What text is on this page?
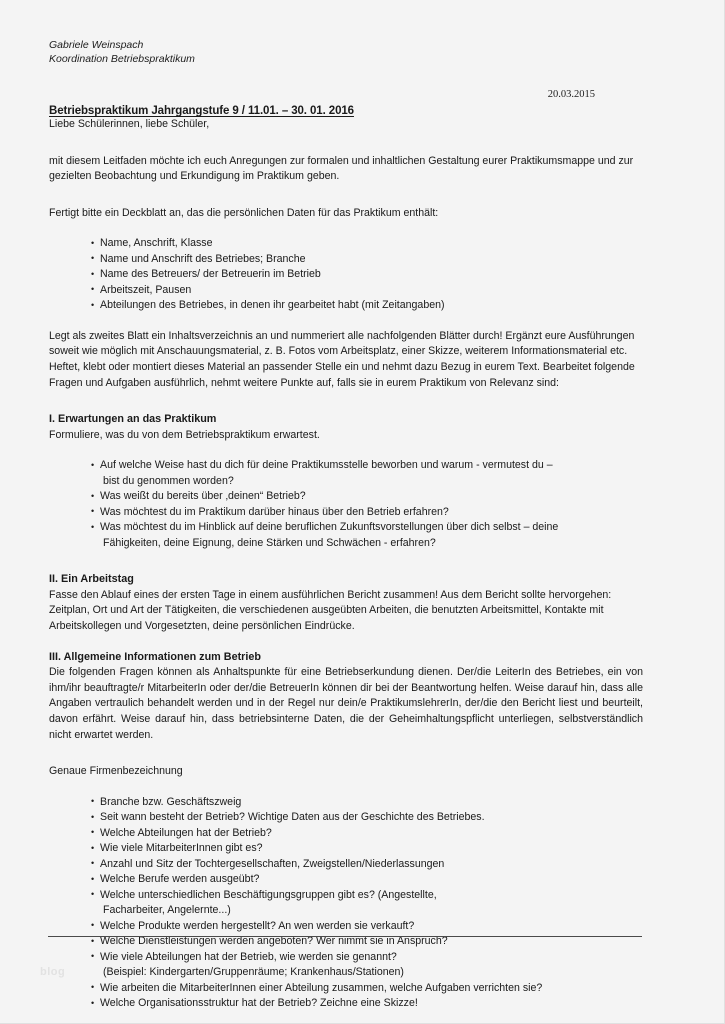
Gabriele Weinspach
Koordination Betriebspraktikum
20.03.2015
Betriebspraktikum Jahrgangstufe 9 / 11.01. – 30. 01. 2016

Liebe Schülerinnen, liebe Schüler,

mit diesem Leitfaden möchte ich euch Anregungen zur formalen und inhaltlichen Gestaltung eurer Praktikumsmappe und zur gezielten Beobachtung und Erkundigung im Praktikum geben.

Fertigt bitte ein Deckblatt an, das die persönlichen Daten für das Praktikum enthält:

• Name, Anschrift, Klasse
• Name und Anschrift des Betriebes; Branche
• Name des Betreuers/ der Betreuerin im Betrieb
• Arbeitszeit, Pausen
• Abteilungen des Betriebes, in denen ihr gearbeitet habt (mit Zeitangaben)

Legt als zweites Blatt ein Inhaltsverzeichnis an und nummeriert alle nachfolgenden Blätter durch! Ergänzt eure Ausführungen soweit wie möglich mit Anschauungsmaterial, z. B. Fotos vom Arbeitsplatz, einer Skizze, weiterem Informationsmaterial etc. Heftet, klebt oder montiert dieses Material an passender Stelle ein und nehmt dazu Bezug in eurem Text. Bearbeitet folgende Fragen und Aufgaben ausführlich, nehmt weitere Punkte auf, falls sie in eurem Praktikum von Relevanz sind:

I. Erwartungen an das Praktikum

Formuliere, was du von dem Betriebspraktikum erwartest.

• Auf welche Weise hast du dich für deine Praktikumsstelle beworben und warum - vermutest du –
bist du genommen worden?
• Was weißt du bereits über ‚deinen“ Betrieb?
• Was möchtest du im Praktikum darüber hinaus über den Betrieb erfahren?
• Was möchtest du im Hinblick auf deine beruflichen Zukunftsvorstellungen über dich selbst – deine
Fähigkeiten, deine Eignung, deine Stärken und Schwächen - erfahren?
II. Ein Arbeitstag

Fasse den Ablauf eines der ersten Tage in einem ausführlichen Bericht zusammen! Aus dem Bericht sollte hervorgehen: Zeitplan, Ort und Art der Tätigkeiten, die verschiedenen ausgeübten Arbeiten, die benutzten Arbeitsmittel, Kontakte mit Arbeitskollegen und Vorgesetzten, deine persönlichen Eindrücke.

III. Allgemeine Informationen zum Betrieb

Die folgenden Fragen können als Anhaltspunkte für eine Betriebserkundung dienen. Der/die LeiterIn des Betriebes, ein von ihm/ihr beauftragte/r MitarbeiterIn oder der/die BetreuerIn können dir bei der Beantwortung helfen. Weise darauf hin, dass alle Angaben vertraulich behandelt werden und in der Regel nur dein/e PraktikumslehrerIn, der/die den Bericht liest und beurteilt, davon erfährt. Weise darauf hin, dass betriebsinterne Daten, die der Geheimhaltungspflicht unterliegen, selbstverständlich nicht erwartet werden.

Genaue Firmenbezeichnung

• Branche bzw. Geschäftszweig
• Seit wann besteht der Betrieb? Wichtige Daten aus der Geschichte des Betriebes.
• Welche Abteilungen hat der Betrieb?
• Wie viele MitarbeiterInnen gibt es?
• Anzahl und Sitz der Tochtergesellschaften, Zweigstellen/Niederlassungen
• Welche Berufe werden ausgeübt?
• Welche unterschiedlichen Beschäftigungsgruppen gibt es? (Angestellte,
Facharbeiter, Angelernte...)
• Welche Produkte werden hergestellt? An wen werden sie verkauft?
• Welche Dienstleistungen werden angeboten? Wer nimmt sie in Anspruch?
• Wie viele Abteilungen hat der Betrieb, wie werden sie genannt?
(Beispiel: Kindergarten/Gruppenräume; Krankenhaus/Stationen)
• Wie arbeiten die MitarbeiterInnen einer Abteilung zusammen, welche Aufgaben verrichten sie?
• Welche Organisationsstruktur hat der Betrieb? Zeichne eine Skizze!
blog
